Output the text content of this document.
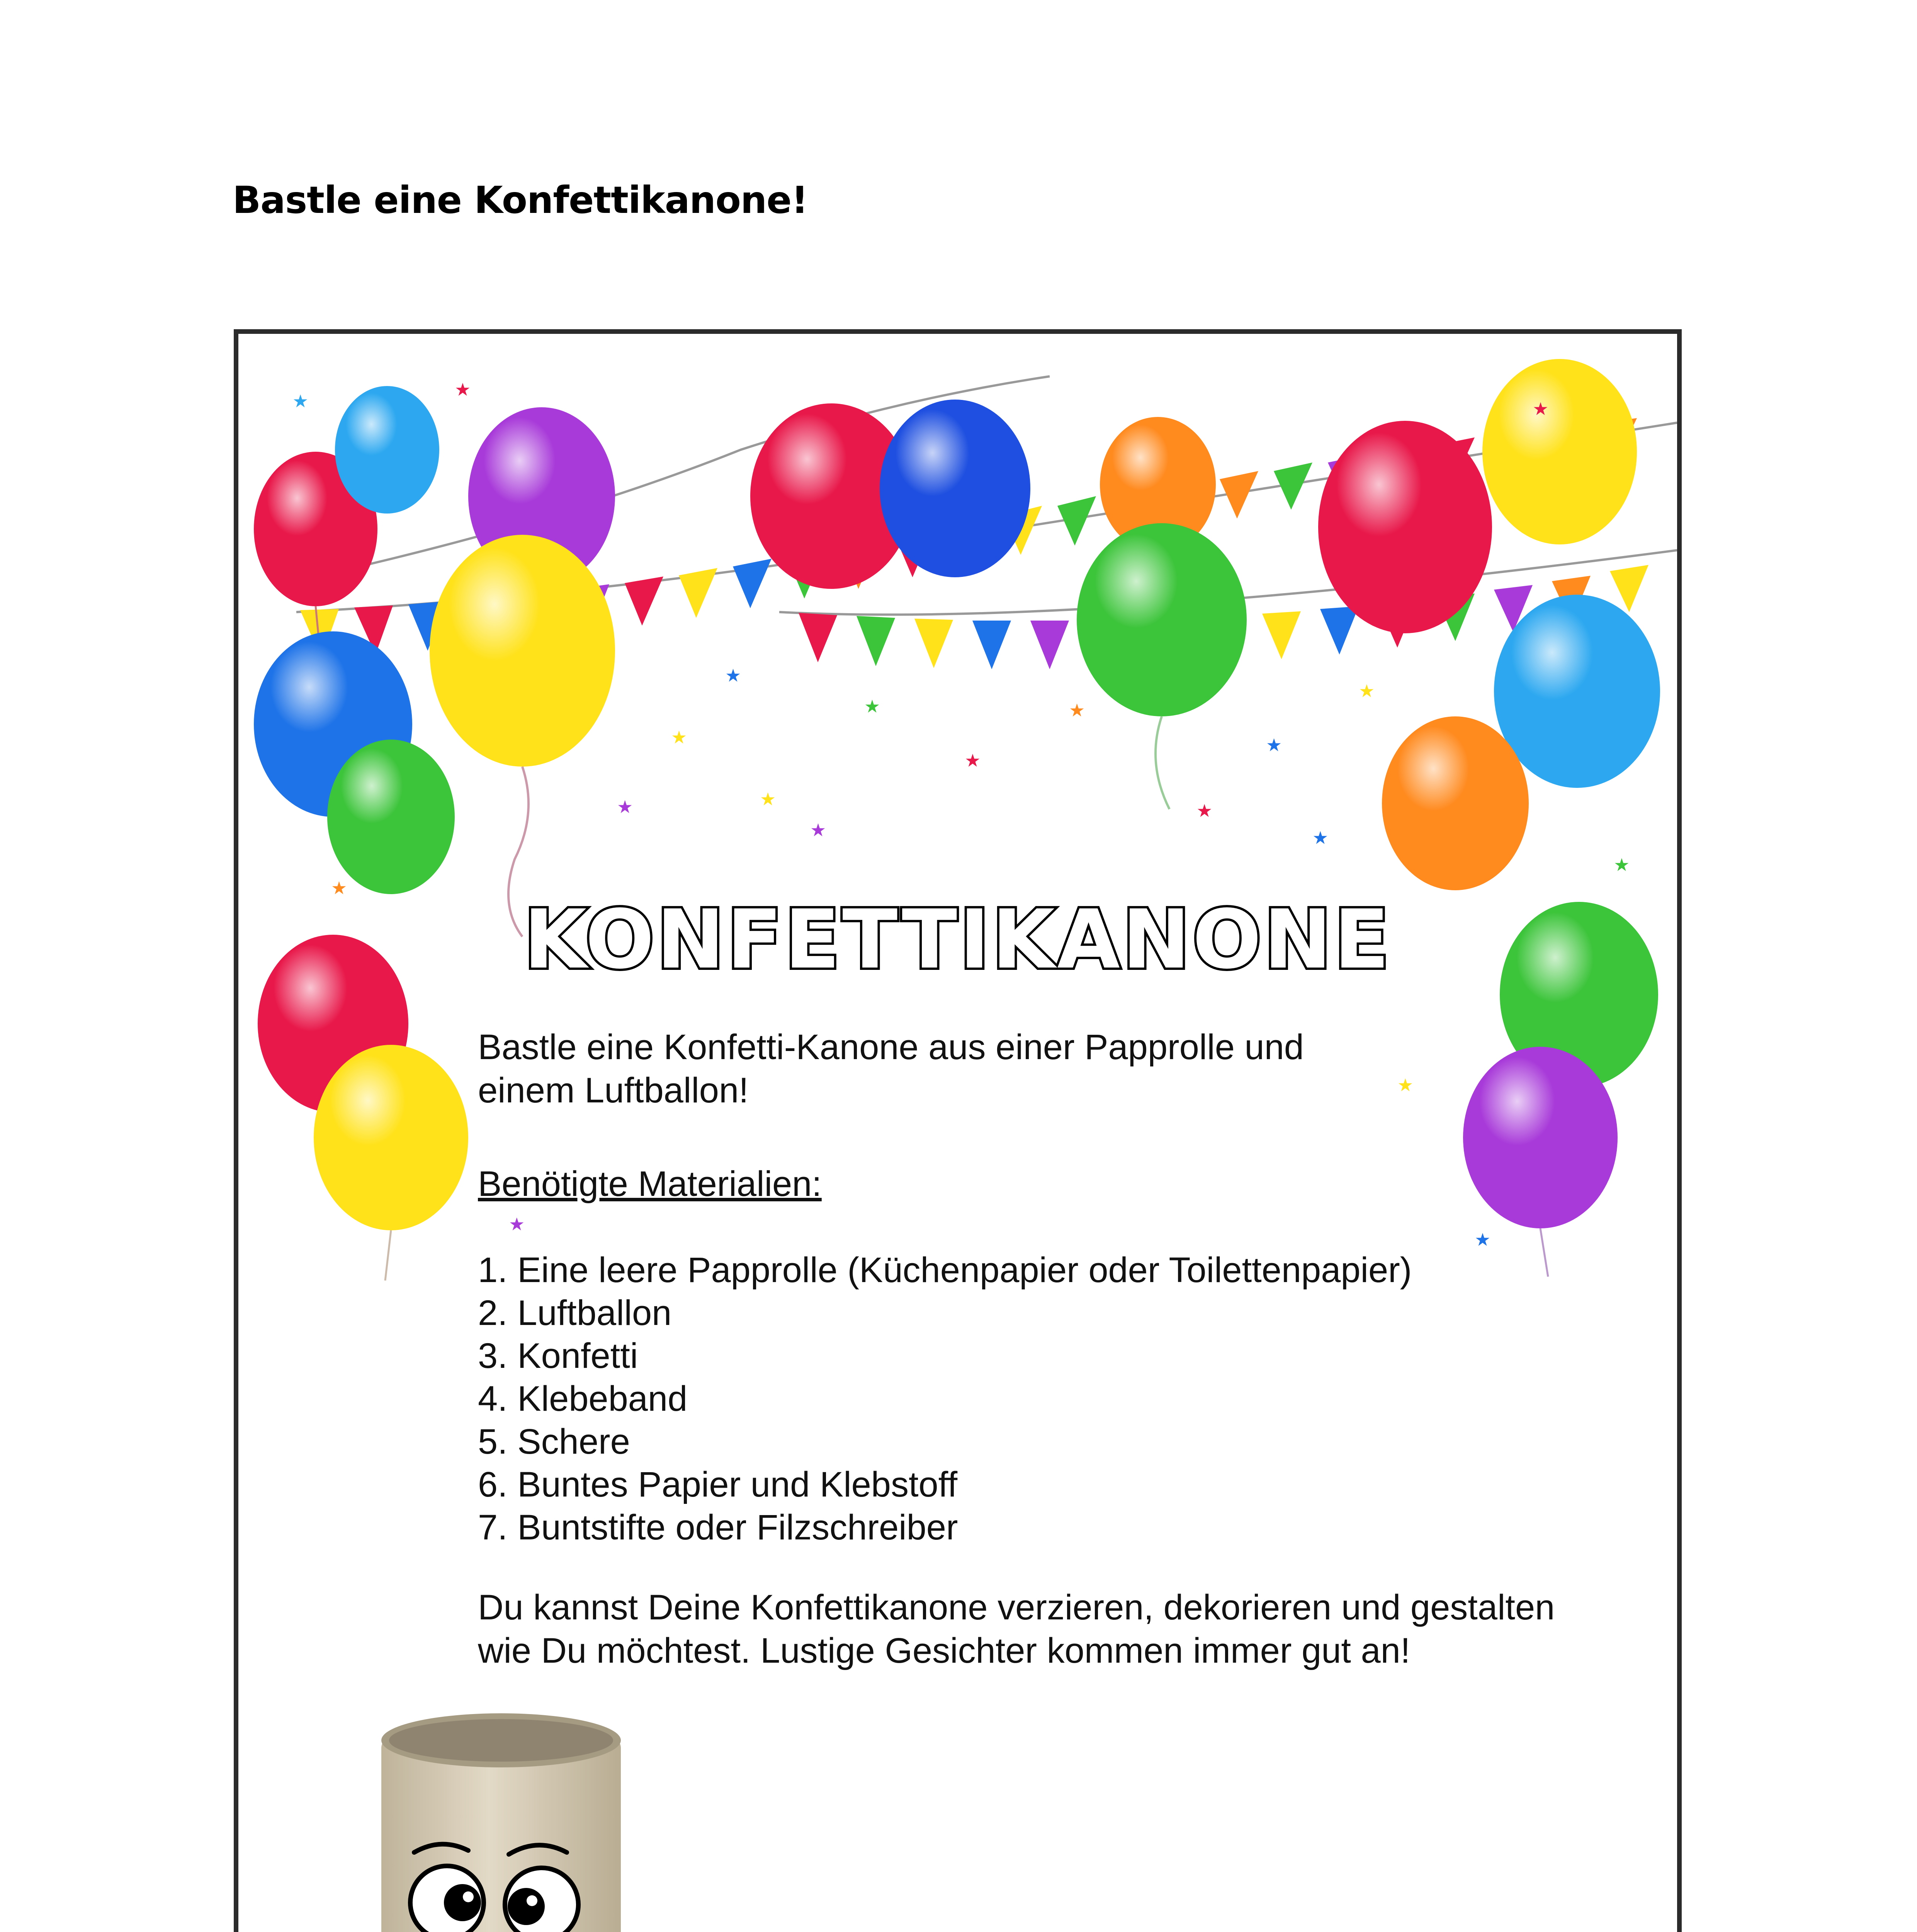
Bastle eine Konfettikanone!
★
★
★
★
★
★
★
★
★
★
★
★
★
★
★
★
★
★
★
★
KONFETTIKANONE
Bastle eine Konfetti-Kanone aus einer Papprolle und
einem Luftballon!
Benötigte Materialien:
1. Eine leere Papprolle (Küchenpapier oder Toilettenpapier)
2. Luftballon
3. Konfetti
4. Klebeband
5. Schere
6. Buntes Papier und Klebstoff
7. Buntstifte oder Filzschreiber
Du kannst Deine Konfettikanone verzieren, dekorieren und gestalten
wie Du möchtest. Lustige Gesichter kommen immer gut an!
